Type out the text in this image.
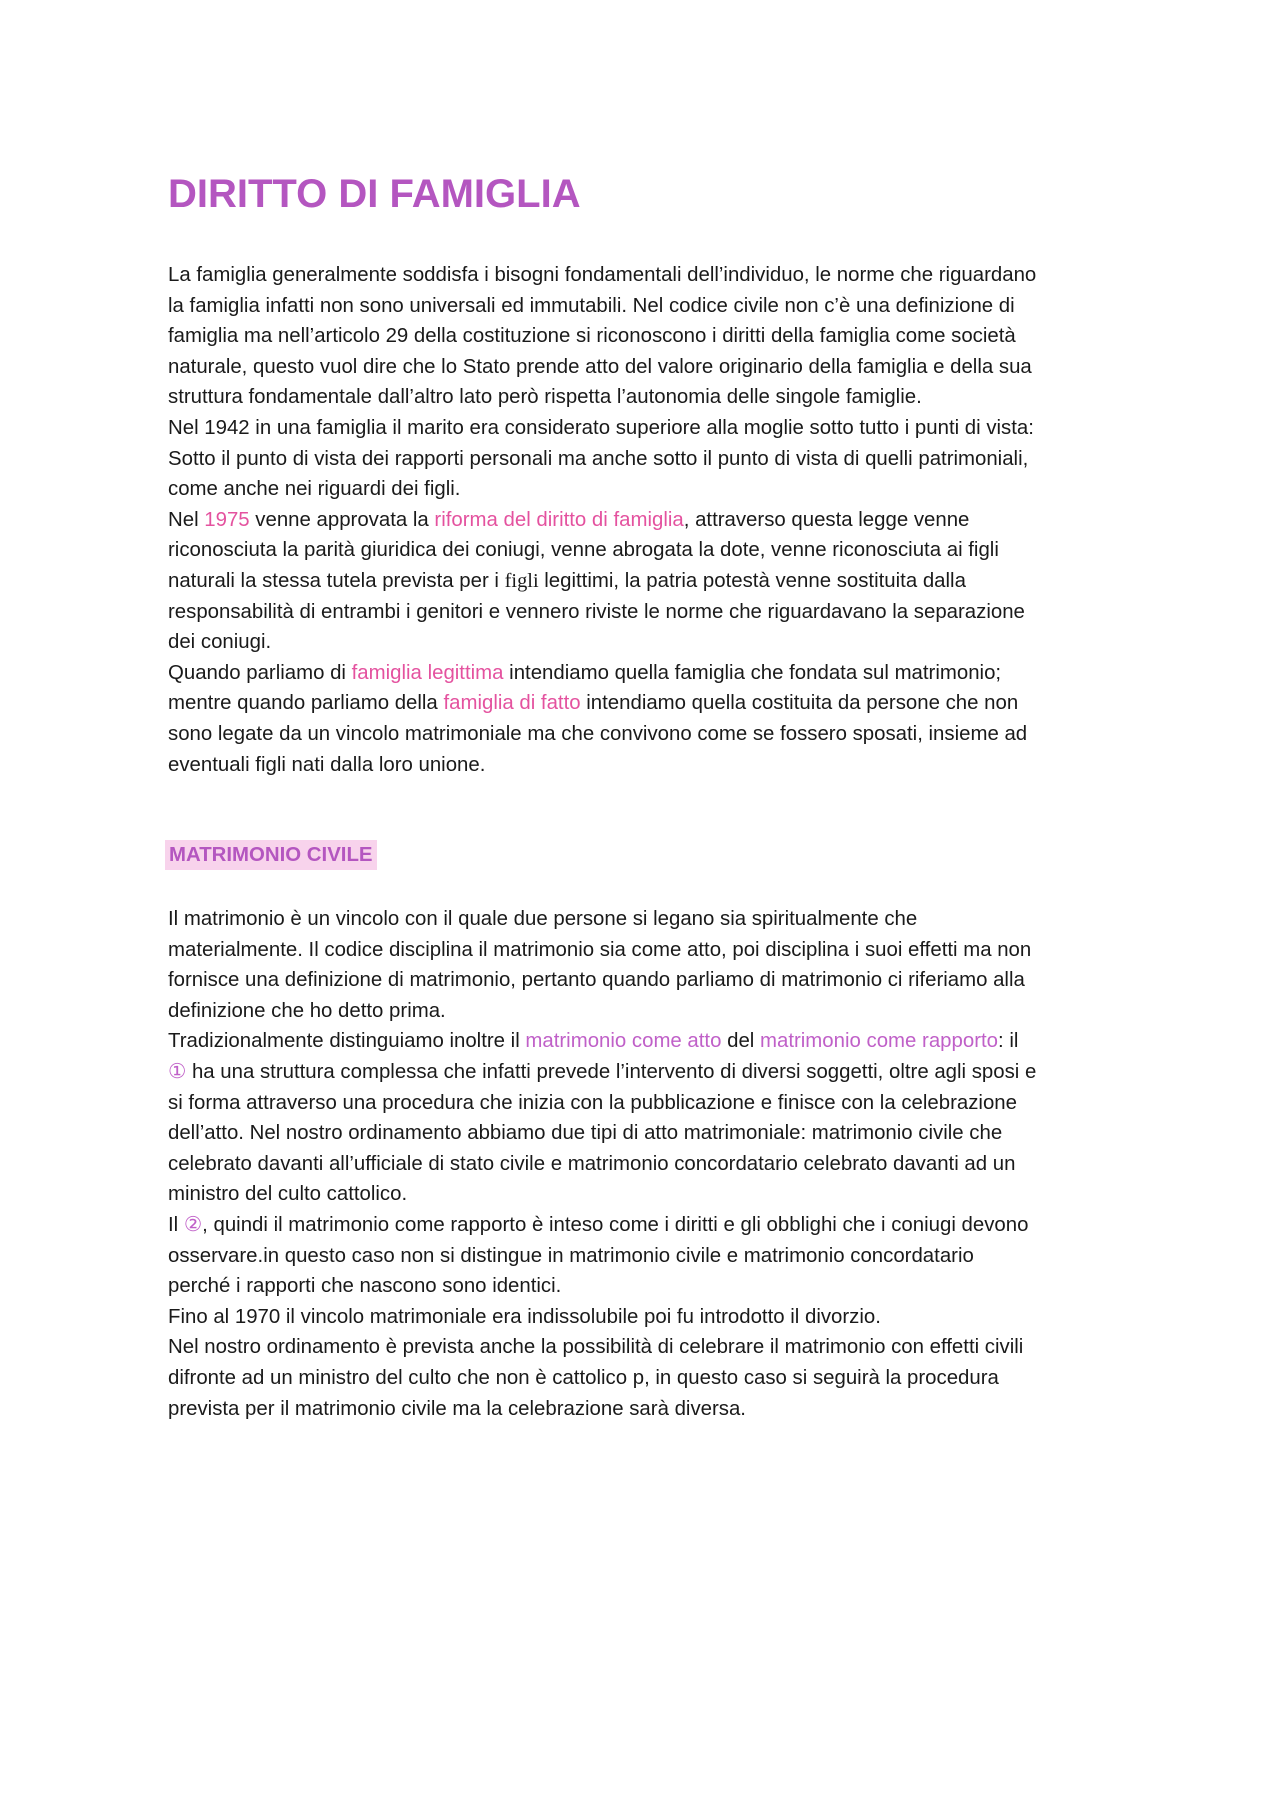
DIRITTO DI FAMIGLIA
La famiglia generalmente soddisfa i bisogni fondamentali dell’individuo, le norme che riguardano
la famiglia infatti non sono universali ed immutabili. Nel codice civile non c’è una definizione di
famiglia ma nell’articolo 29 della costituzione si riconoscono i diritti della famiglia come società
naturale, questo vuol dire che lo Stato prende atto del valore originario della famiglia e della sua
struttura fondamentale dall’altro lato però rispetta l’autonomia delle singole famiglie.
Nel 1942 in una famiglia il marito era considerato superiore alla moglie sotto tutto i punti di vista:
Sotto il punto di vista dei rapporti personali ma anche sotto il punto di vista di quelli patrimoniali,
come anche nei riguardi dei figli.
Nel 1975 venne approvata la riforma del diritto di famiglia, attraverso questa legge venne
riconosciuta la parità giuridica dei coniugi, venne abrogata la dote, venne riconosciuta ai figli
naturali la stessa tutela prevista per i figli legittimi, la patria potestà venne sostituita dalla
responsabilità di entrambi i genitori e vennero riviste le norme che riguardavano la separazione
dei coniugi.
Quando parliamo di famiglia legittima intendiamo quella famiglia che fondata sul matrimonio;
mentre quando parliamo della famiglia di fatto intendiamo quella costituita da persone che non
sono legate da un vincolo matrimoniale ma che convivono come se fossero sposati, insieme ad
eventuali figli nati dalla loro unione.
MATRIMONIO CIVILE
Il matrimonio è un vincolo con il quale due persone si legano sia spiritualmente che
materialmente. Il codice disciplina il matrimonio sia come atto, poi disciplina i suoi effetti ma non
fornisce una definizione di matrimonio, pertanto quando parliamo di matrimonio ci riferiamo alla
definizione che ho detto prima.
Tradizionalmente distinguiamo inoltre il matrimonio come atto del matrimonio come rapporto: il
① ha una struttura complessa che infatti prevede l’intervento di diversi soggetti, oltre agli sposi e
si forma attraverso una procedura che inizia con la pubblicazione e finisce con la celebrazione
dell’atto. Nel nostro ordinamento abbiamo due tipi di atto matrimoniale: matrimonio civile che
celebrato davanti all’ufficiale di stato civile e matrimonio concordatario celebrato davanti ad un
ministro del culto cattolico.
Il ②, quindi il matrimonio come rapporto è inteso come i diritti e gli obblighi che i coniugi devono
osservare.in questo caso non si distingue in matrimonio civile e matrimonio concordatario
perché i rapporti che nascono sono identici.
Fino al 1970 il vincolo matrimoniale era indissolubile poi fu introdotto il divorzio.
Nel nostro ordinamento è prevista anche la possibilità di celebrare il matrimonio con effetti civili
difronte ad un ministro del culto che non è cattolico p, in questo caso si seguirà la procedura
prevista per il matrimonio civile ma la celebrazione sarà diversa.
